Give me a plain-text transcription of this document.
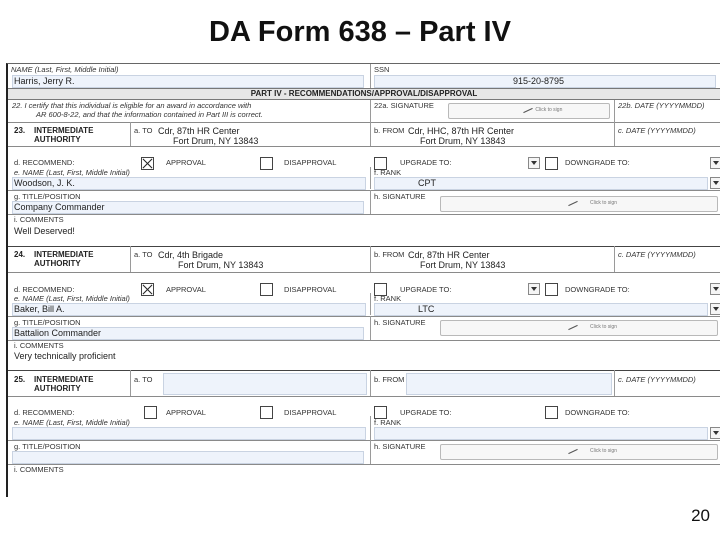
DA Form 638 – Part IV
NAME (Last, First, Middle Initial)
Harris, Jerry R.
SSN
915-20-8795
PART IV - RECOMMENDATIONS/APPROVAL/DISAPPROVAL
22. I certify that this individual is eligible for an award in accordance with
AR 600-8-22, and that the information contained in Part III is correct.
22a. SIGNATURE	Click to sign	22b. DATE (YYYYMMDD)
23. INTERMEDIATE
AUTHORITY
a. TO Cdr, 87th HR Center
Fort Drum, NY 13843
b. FROM Cdr, HHC, 87th HR Center
Fort Drum, NY 13843
c. DATE (YYYYMMDD)
d. RECOMMEND:	APPROVAL	DISAPPROVAL	UPGRADE TO:	DOWNGRADE TO:
e. NAME (Last, First, Middle Initial)
Woodson, J. K.
f. RANK
CPT
g. TITLE/POSITION
Company Commander
h. SIGNATURE
Click to sign
i. COMMENTS
Well Deserved!
24. INTERMEDIATE
AUTHORITY
a. TO Cdr, 4th Brigade
Fort Drum, NY 13843
b. FROM Cdr, 87th HR Center
Fort Drum, NY 13843
c. DATE (YYYYMMDD)
d. RECOMMEND:	APPROVAL	DISAPPROVAL	UPGRADE TO:	DOWNGRADE TO:
e. NAME (Last, First, Middle Initial)
Baker, Bill A.
f. RANK
LTC
g. TITLE/POSITION
Battalion Commander
h. SIGNATURE	Click to sign
i. COMMENTS
Very technically proficient
25. INTERMEDIATE
AUTHORITY
a. TO	b. FROM	c. DATE (YYYYMMDD)
d. RECOMMEND:	APPROVAL	DISAPPROVAL	UPGRADE TO:	DOWNGRADE TO:
e. NAME (Last, First, Middle Initial)	f. RANK
g. TITLE/POSITION	h. SIGNATURE	Click to sign
i. COMMENTS
20
